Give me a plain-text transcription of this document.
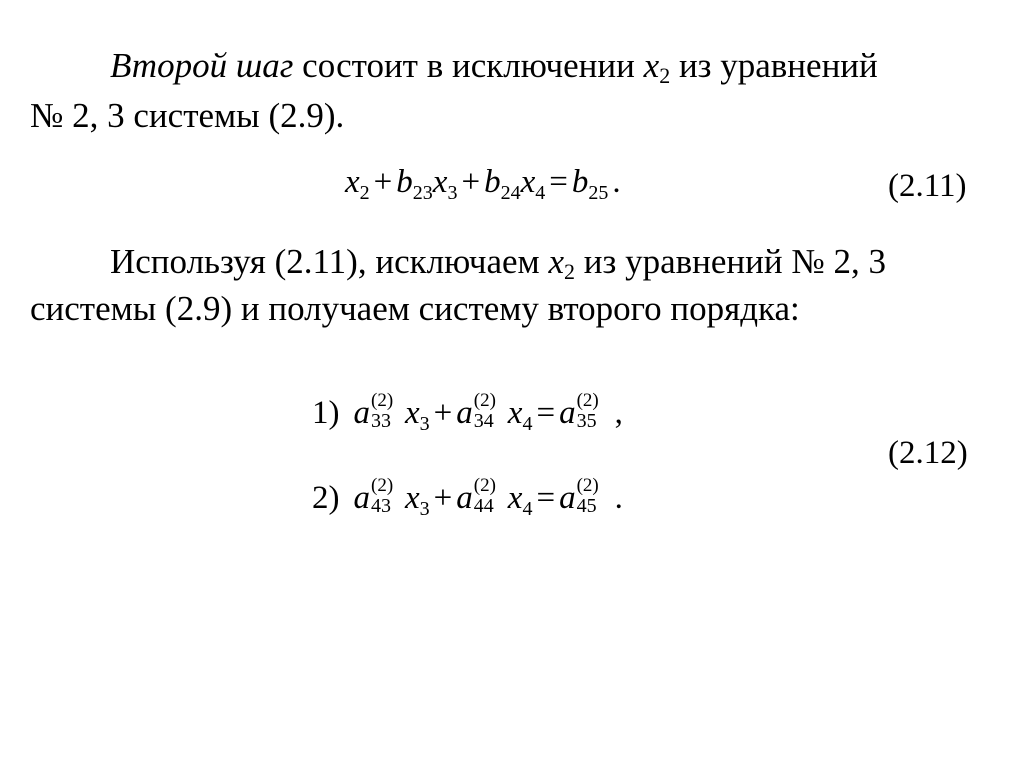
Второй шаг состоит в исключении $x_2$ из уравнений
№ 2, 3 системы (2.9).
$x_2 + b_{23}x_3 + b_{24}x_4 = b_{25}$ .	(2.11)
Используя (2.11), исключаем $x_2$ из уравнений № 2, 3
системы (2.9) и получаем систему второго порядка:
1) a (2)
33 $x_3 + a$ (2)
34 $x_4 = a$ (2)
35 ,
(2.12)
2) a (2)
43 $x_3 + a$ (2)
44 $x_4 = a$ (2)
45 .
